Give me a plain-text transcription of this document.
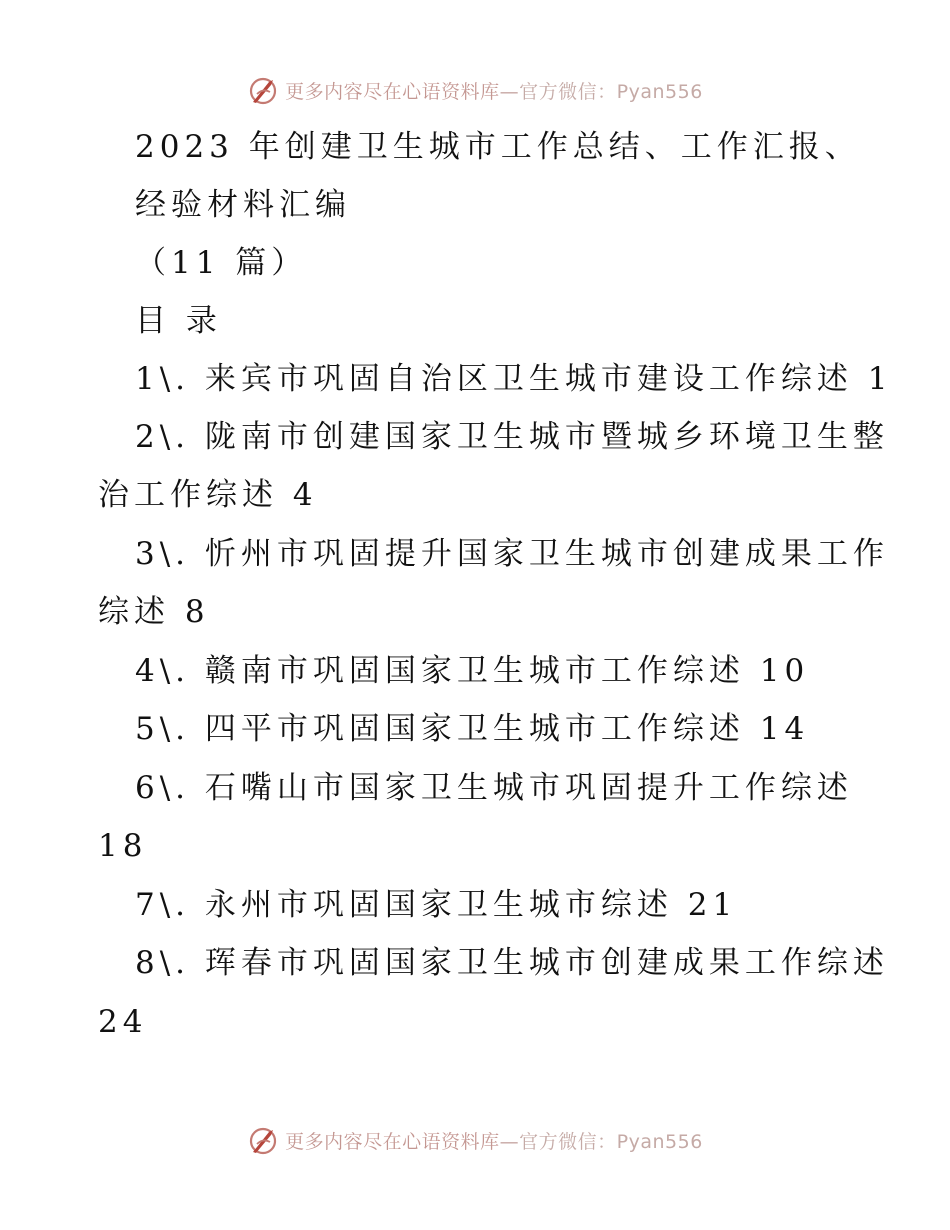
更多内容尽在心语资料库—官方微信：Pyan556
2023 年创建卫生城市工作总结、工作汇报、
经验材料汇编
（11 篇）
目 录
1\. 来宾市巩固自治区卫生城市建设工作综述 1
2\. 陇南市创建国家卫生城市暨城乡环境卫生整
治工作综述 4
3\. 忻州市巩固提升国家卫生城市创建成果工作
综述 8
4\. 赣南市巩固国家卫生城市工作综述 10
5\. 四平市巩固国家卫生城市工作综述 14
6\. 石嘴山市国家卫生城市巩固提升工作综述
18
7\. 永州市巩固国家卫生城市综述 21
8\. 珲春市巩固国家卫生城市创建成果工作综述
24
更多内容尽在心语资料库—官方微信：Pyan556
